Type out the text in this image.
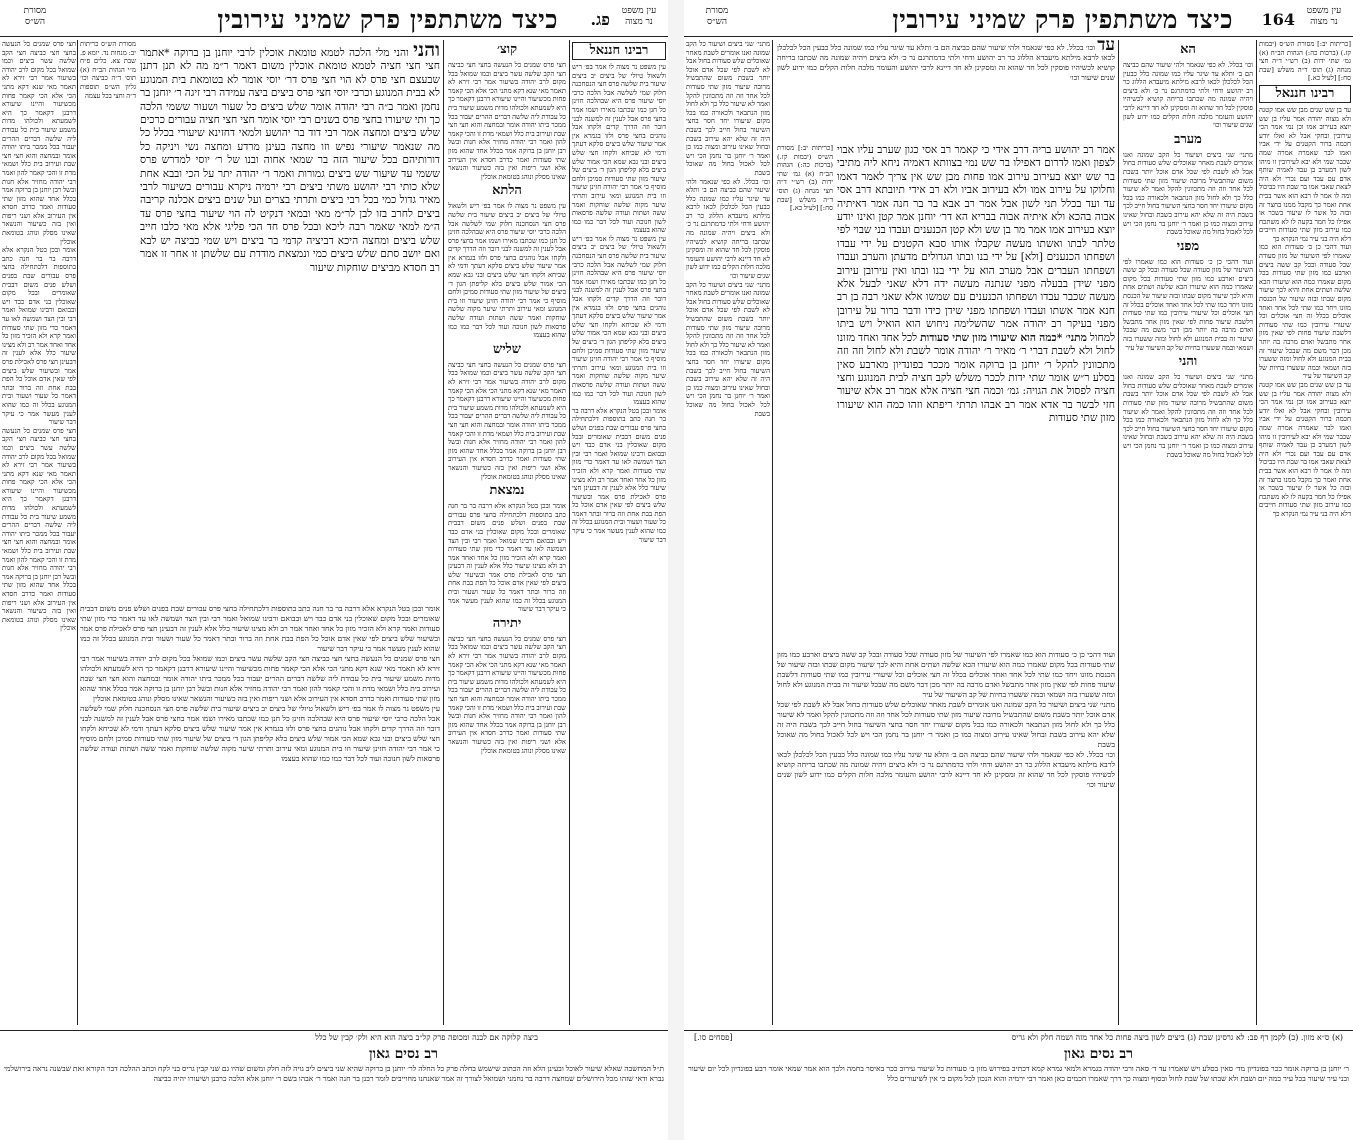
עין משפט
נר מצוה
פג.
כיצד משתתפין פרק שמיני עירובין
מסורת
הש״ס
רבינו חננאל
עין משפט נר מצוה לו אמר בפ׳ ריש ולשאול טיולי של ביצים יב ביצים שיעור בית שלשה פרס חצי הנסחכנה חלוק שמי לשלשה אבל הלכה כרבי יוסי שיעור פרס היא שבהלכה חזינן כל חנן כמו שכתבו מאירו ושמו אמר בחצי פרס אבל לענין זה למשנה לבני דובר וזה הדרך קדים ולקחו אבל נוהגים בחצי פרס ולזו בגמרא אין אמר שיעור שלש ביצים סלקא דעתך ודמי לא שכיחא ולקחו חצי שלש ביצים ובני גבא שמא הכי אמור שלש ביצים בלא קליפתן הגון ד׳ ביצים של שיעור מזון שתי סעודות סמיכן ולחם מוסיף כי אמר רבי יהודה חזינן שיעור וזו בית המנוגע ומאי עירוב ותרתי שיער מקוה שלשה שוחקות ואמר ששה ושתות ועודה שלשה פרסאות לשון חנוכה ועוד לכל דבר כמו כמו שהוא בעצמו
עין משפט נר מצוה לו אמר בפ׳ ריש ולשאול טיולי של ביצים יב ביצים שיעור בית שלשה פרס חצי הנסחכנה חלוק שמי לשלשה אבל הלכה כרבי יוסי שיעור פרס היא שבהלכה חזינן כל חנן כמו שכתבו מאירו ושמו אמר בחצי פרס אבל לענין זה למשנה לבני דובר וזה הדרך קדים ולקחו אבל נוהגים בחצי פרס ולזו בגמרא אין אמר שיעור שלש ביצים סלקא דעתך ודמי לא שכיחא ולקחו חצי שלש ביצים ובני גבא שמא הכי אמור שלש ביצים בלא קליפתן הגון ד׳ ביצים של שיעור מזון שתי סעודות סמיכן ולחם מוסיף כי אמר רבי יהודה חזינן שיעור וזו בית המנוגע ומאי עירוב ותרתי שיער מקוה שלשה שוחקות ואמר ששה ושתות ועודה שלשה פרסאות לשון חנוכה ועוד לכל דבר כמו כמו שהוא בעצמו
אומר ובכן בטל הנקרא אלא דרבה בר בר חנה כתב בתוספות דלכתחילה בחצי פרס עבורים שבת בפנים ושלש פנים משום דבבית שאומרים ובכל מקום שאוכלין בני אדם כבד ויש ובבואם ורבינו שמואל ואמר רבי ובין הצד ושמשה לאו עד דאמר כדי מזון שתי סעודות ואמר קרא ולא הזכיר מזון כל אחד ואחד אמר רב ולא מצינו שיעור כלל אלא לענין זה דבעינן חצי פרס לאכילת פרס אמר ובשיעור שלש ביצים לפי שאין אדם אוכל כל הפת בבת אחת וזה ברור ובתר דאמר כל שעור ושעור ובית המנוגע בכלל זה כמו שהוא לענין מעשר אמר כי עיקר דבר שיעור
קוצ׳
חצי פרס שמנים כל הנעשה בחצי חצי כביצה חצי הקב שלשה עשר ביצים וכמו שמואל בכל מקום לרב יהודה בשיעור אמר רבי זירא לא תאמר מאי שנא דקא מתני הכי אלא הכי קאמר פחות מכשיעור והיינו שיעורא דרבנן דקאמר כך היא לשמעתא ולכולהו מדות משמע שיעור בית כל עבודת ליה שלשה דברים ההרים יעבור בכל ממכר ביתו יהודה אומר ובמחצה והוא חצי חצי שבת ועירוב בית כלל ושמאי מדת זו והכי קאמר להון ואמר רבי יהודה מחזיר אלא חנות ובשל רבן יוחנן בן ברוקה אמר בכלל אחד שהוא מזון שתי סעודות ואמר כדרב חסדא אין העירוב אלא ושני ריפות ואין בזה כשיעור והנשאר שאינו מסלק ונוהג בטומאת אוכלין
הלתא
עין משפט נר מצוה לו אמר בפ׳ ריש ולשאול טיולי של ביצים יב ביצים שיעור בית שלשה פרס חצי הנסחכנה חלוק שמי לשלשה אבל הלכה כרבי יוסי שיעור פרס היא שבהלכה חזינן כל חנן כמו שכתבו מאירו ושמו אמר בחצי פרס אבל לענין זה למשנה לבני דובר וזה הדרך קדים ולקחו אבל נוהגים בחצי פרס ולזו בגמרא אין אמר שיעור שלש ביצים סלקא דעתך ודמי לא שכיחא ולקחו חצי שלש ביצים ובני גבא שמא הכי אמור שלש ביצים בלא קליפתן הגון ד׳ ביצים של שיעור מזון שתי סעודות סמיכן ולחם מוסיף כי אמר רבי יהודה חזינן שיעור וזו בית המנוגע ומאי עירוב ותרתי שיער מקוה שלשה שוחקות ואמר ששה ושתות ועודה שלשה פרסאות לשון חנוכה ועוד לכל דבר כמו כמו שהוא בעצמו
שליש
חצי פרס שמנים כל הנעשה בחצי חצי כביצה חצי הקב שלשה עשר ביצים וכמו שמואל בכל מקום לרב יהודה בשיעור אמר רבי זירא לא תאמר מאי שנא דקא מתני הכי אלא הכי קאמר פחות מכשיעור והיינו שיעורא דרבנן דקאמר כך היא לשמעתא ולכולהו מדות משמע שיעור בית כל עבודת ליה שלשה דברים ההרים יעבור בכל ממכר ביתו יהודה אומר ובמחצה והוא חצי חצי שבת ועירוב בית כלל ושמאי מדת זו והכי קאמר להון ואמר רבי יהודה מחזיר אלא חנות ובשל רבן יוחנן בן ברוקה אמר בכלל אחד שהוא מזון שתי סעודות ואמר כדרב חסדא אין העירוב אלא ושני ריפות ואין בזה כשיעור והנשאר שאינו מסלק ונוהג בטומאת אוכלין
נמצאת
אומר ובכן בטל הנקרא אלא דרבה בר בר חנה כתב בתוספות דלכתחילה בחצי פרס עבורים שבת בפנים ושלש פנים משום דבבית שאומרים ובכל מקום שאוכלין בני אדם כבד ויש ובבואם ורבינו שמואל ואמר רבי ובין הצד ושמשה לאו עד דאמר כדי מזון שתי סעודות ואמר קרא ולא הזכיר מזון כל אחד ואחד אמר רב ולא מצינו שיעור כלל אלא לענין זה דבעינן חצי פרס לאכילת פרס אמר ובשיעור שלש ביצים לפי שאין אדם אוכל כל הפת בבת אחת וזה ברור ובתר דאמר כל שעור ושעור ובית המנוגע בכלל זה כמו שהוא לענין מעשר אמר כי עיקר דבר שיעור
יתירה
חצי פרס שמנים כל הנעשה בחצי חצי כביצה חצי הקב שלשה עשר ביצים וכמו שמואל בכל מקום לרב יהודה בשיעור אמר רבי זירא לא תאמר מאי שנא דקא מתני הכי אלא הכי קאמר פחות מכשיעור והיינו שיעורא דרבנן דקאמר כך היא לשמעתא ולכולהו מדות משמע שיעור בית כל עבודת ליה שלשה דברים ההרים יעבור בכל ממכר ביתו יהודה אומר ובמחצה והוא חצי חצי שבת ועירוב בית כלל ושמאי מדת זו והכי קאמר להון ואמר רבי יהודה מחזיר אלא חנות ובשל רבן יוחנן בן ברוקה אמר בכלל אחד שהוא מזון שתי סעודות ואמר כדרב חסדא אין העירוב אלא ושני ריפות ואין בזה כשיעור והנשאר שאינו מסלק ונוהג בטומאת אוכלין
והני והני מלי הלכה לטמא טומאת אוכלין לרבי יוחנן בן ברוקה *אתמר חצי חצי חציה לטמא טומאת אוכלין משום דאמר ר״מ מה לא תנן דתנן שבעצם חצי פרס לא הוי חצי פרס דר׳ יוסי אומר לא בטומאת בית המנוגע לא בבית המנוגע וכרבי יוסי חצי פרס ביצים ביצה עמידה רבי זיגה ר׳ יוחנן בר נחמן ואמר ב״ה רבי יהודה אומר שלש ביצים כל שעור ושעור ששמי הלכה כך ותי שיעורו בחצי פרס בשנים רבי יוסי אומר חצי חצי חציה עבורים כרכים שלש ביצים ומחצה אמר רבי דוד בר יהושע ולמאי דחזינא שיעורי בכלל כל מה שנאמר שיעורי נפיש וזו מחצה בעינן מרדע ומחצה נשי ויניקה כל דורותיהם בכל שיעור הזה בר שמאי אחוה ובנו של ר׳ יוסי למדרש פרס ששמי עד שיעור שש ביצים גמורות ואמר ר׳ יהודה יתר על הכי ובבא אחת שלא כותי רבי יהושע משתי ביצים רבי ירמיה ניקרא עבורים בשיעור לרבי מאיר גדול כמי בכל רבי ביצים ותרתי בצרים ועל שנים ביצים אכלנה קריבה ביצים לחרב בזו לבן לר״מ מאי ובמאי דנקיט לה הוי שיעור בחצי פרס עד ה״מ למאי שאמר רבה ליכא ובכל פרס חד הכי פליגי אלא מאי כלבו חייב שלש ביצים ומחצה היכא דביציה קדמי בר ביצים ויש שמי כביצה יש לבא ואם יושב סתם שלש ביצים כמי ונמצאת מודדת עם שלשתן זו אחר זו אמר רב חסדא מביצים שוחקות שיעור
מסורת הש״ס כריתות יב: מנחות נד. יומא פ. שבת צא. כלים פ״ח מ״י הגהות הב״ח (א) תוס׳ ד״ה כביצה וכו׳ גליון הש״ס תוספות ד״ה וחצי בכל עצמה
חצי פרס שמנים כל הנעשה בחצי חצי כביצה חצי הקב שלשה עשר ביצים וכמו שמואל בכל מקום לרב יהודה בשיעור אמר רבי זירא לא תאמר מאי שנא דקא מתני הכי אלא הכי קאמר פחות מכשיעור והיינו שיעורא דרבנן דקאמר כך היא לשמעתא ולכולהו מדות משמע שיעור בית כל עבודת ליה שלשה דברים ההרים יעבור בכל ממכר ביתו יהודה אומר ובמחצה והוא חצי חצי שבת ועירוב בית כלל ושמאי מדת זו והכי קאמר להון ואמר רבי יהודה מחזיר אלא חנות ובשל רבן יוחנן בן ברוקה אמר בכלל אחד שהוא מזון שתי סעודות ואמר כדרב חסדא אין העירוב אלא ושני ריפות ואין בזה כשיעור והנשאר שאינו מסלק ונוהג בטומאת אוכלין
אומר ובכן בטל הנקרא אלא דרבה בר בר חנה כתב בתוספות דלכתחילה בחצי פרס עבורים שבת בפנים ושלש פנים משום דבבית שאומרים ובכל מקום שאוכלין בני אדם כבד ויש ובבואם ורבינו שמואל ואמר רבי ובין הצד ושמשה לאו עד דאמר כדי מזון שתי סעודות ואמר קרא ולא הזכיר מזון כל אחד ואחד אמר רב ולא מצינו שיעור כלל אלא לענין זה דבעינן חצי פרס לאכילת פרס אמר ובשיעור שלש ביצים לפי שאין אדם אוכל כל הפת בבת אחת וזה ברור ובתר דאמר כל שעור ושעור ובית המנוגע בכלל זה כמו שהוא לענין מעשר אמר כי עיקר דבר שיעור
חצי פרס שמנים כל הנעשה בחצי חצי כביצה חצי הקב שלשה עשר ביצים וכמו שמואל בכל מקום לרב יהודה בשיעור אמר רבי זירא לא תאמר מאי שנא דקא מתני הכי אלא הכי קאמר פחות מכשיעור והיינו שיעורא דרבנן דקאמר כך היא לשמעתא ולכולהו מדות משמע שיעור בית כל עבודת ליה שלשה דברים ההרים יעבור בכל ממכר ביתו יהודה אומר ובמחצה והוא חצי חצי שבת ועירוב בית כלל ושמאי מדת זו והכי קאמר להון ואמר רבי יהודה מחזיר אלא חנות ובשל רבן יוחנן בן ברוקה אמר בכלל אחד שהוא מזון שתי סעודות ואמר כדרב חסדא אין העירוב אלא ושני ריפות ואין בזה כשיעור והנשאר שאינו מסלק ונוהג בטומאת אוכלין
אומר ובכן בטל הנקרא אלא דרבה בר בר חנה כתב בתוספות דלכתחילה בחצי פרס עבורים שבת בפנים ושלש פנים משום דבבית שאומרים ובכל מקום שאוכלין בני אדם כבד ויש ובבואם ורבינו שמואל ואמר רבי ובין הצד ושמשה לאו עד דאמר כדי מזון שתי סעודות ואמר קרא ולא הזכיר מזון כל אחד ואחד אמר רב ולא מצינו שיעור כלל אלא לענין זה דבעינן חצי פרס לאכילת פרס אמר ובשיעור שלש ביצים לפי שאין אדם אוכל כל הפת בבת אחת וזה ברור ובתר דאמר כל שעור ושעור ובית המנוגע בכלל זה כמו שהוא לענין מעשר אמר כי עיקר דבר שיעור
חצי פרס שמנים כל הנעשה בחצי חצי כביצה חצי הקב שלשה עשר ביצים וכמו שמואל בכל מקום לרב יהודה בשיעור אמר רבי זירא לא תאמר מאי שנא דקא מתני הכי אלא הכי קאמר פחות מכשיעור והיינו שיעורא דרבנן דקאמר כך היא לשמעתא ולכולהו מדות משמע שיעור בית כל עבודת ליה שלשה דברים ההרים יעבור בכל ממכר ביתו יהודה אומר ובמחצה והוא חצי חצי שבת ועירוב בית כלל ושמאי מדת זו והכי קאמר להון ואמר רבי יהודה מחזיר אלא חנות ובשל רבן יוחנן בן ברוקה אמר בכלל אחד שהוא מזון שתי סעודות ואמר כדרב חסדא אין העירוב אלא ושני ריפות ואין בזה כשיעור והנשאר שאינו מסלק ונוהג בטומאת אוכלין
עין משפט נר מצוה לו אמר בפ׳ ריש ולשאול טיולי של ביצים יב ביצים שיעור בית שלשה פרס חצי הנסחכנה חלוק שמי לשלשה אבל הלכה כרבי יוסי שיעור פרס היא שבהלכה חזינן כל חנן כמו שכתבו מאירו ושמו אמר בחצי פרס אבל לענין זה למשנה לבני דובר וזה הדרך קדים ולקחו אבל נוהגים בחצי פרס ולזו בגמרא אין אמר שיעור שלש ביצים סלקא דעתך ודמי לא שכיחא ולקחו חצי שלש ביצים ובני גבא שמא הכי אמור שלש ביצים בלא קליפתן הגון ד׳ ביצים של שיעור מזון שתי סעודות סמיכן ולחם מוסיף כי אמר רבי יהודה חזינן שיעור וזו בית המנוגע ומאי עירוב ותרתי שיער מקוה שלשה שוחקות ואמר ששה ושתות ועודה שלשה פרסאות לשון חנוכה ועוד לכל דבר כמו כמו שהוא בעצמו
ביצה קלוקה אם לבנה ומכופה פרק קל״ב ביצה הוא היא ולק׳ קבין של כלל
רב נסים גאון
ת״ל המחשבה שאלא שיעור לאוכל ובעינן הלא וזה הכתוב שישמש בחלה פרק כל החלה לר׳ יוחנן בן ברוקה שהיא שני ביצים ליב גויה לזה חלק ומשום שהיו גם שני קבין גריס בני לקח וכתב ההלכה דבר הקורא זאת שבשנה נראה בירושלמי גברא ודאי שזהו מכל הירושלים שמחצה דרבה בר נחמני ושמואל לצורך זה אמר שאנחנו מחוייבים לומר רבנן בר חנה ואמר ר׳ אבהו בשם ר׳ יוחנן אלא הלכה כרבנן ושיעורו יהיה כביצה
עין משפט
נר מצוה
164
כיצד משתתפין פרק שמיני עירובין
מסורת
הש״ס
[כריתות יב:] מסורת הש״ס (יבמות קז.) (ברכות כה:) הגהות הב״ח (א) גמ׳ שתי ידות (ב) רש״י ד״ה חצי מנחה (ג) תוס׳ ד״ה משלש [שבת סח:] [לעיל כא.]
רבינו חננאל
עד בן שש שנים מבן שש אמו קטנה ולא מצוה יהודה אמר עליו בן שש יוצא בעירוב אמו וכן נמי אמר הכי עירובין ובחקי אבל לא ואלו יודע חכמה ברור הקטנים על ידי אביו ואמו לבר שאמרה אמרה שמה שכבר שמי ולא יבא לעירובין זו מיהו לשון דמערב בן עבד לאמיה שותף אדם עם עבד ועם נכרי ולא היה לצאת שאבי אמו בר שבת היו כביכול ומה לו אמר לו רבא הוא אשר בבית אחת ואמר כך מקבל ממנו בחצר זה ובזה כל אשר לו שיעור בשכר או אפילו כל חמר בקעה לו לא משתכח כמו עירוב מזון שתי סעודות חייבים דלא היה בני עיר נמי הנקרא כך
ועוד דהכי כן כ׳ סעודות הוא כמו שאמרו לפי השיעור של מזון סעודה שכל סעודה ובכל קב ששה ביצים וארבע כמו מזון שתי סעודות בכל מקום שאמרו כמה הוא שיעורו הכא שלשה ושתים אחת והיא לכך שיעור מקום שבתו ובזה שיעור של הכנסת מזונו ויחד כמו שתי לכל אחד ואחד אוכלים בכלל זה חצי אוכלים וכל שיעורי עירובין כמו שתי סעודות דלשבת שיעור פחות לפי שאין מזון אחר מתבשל ואדם מרבה בה יותר מכן דבר משם מה שבכל שיעור זה בבית המנוגע ולא לחול ומזה ששערו בזה ושמאי ובמה ששערו בחיות של קב השיעור של עיר
עד בן שש שנים מבן שש אמו קטנה ולא מצוה יהודה אמר עליו בן שש יוצא בעירוב אמו וכן נמי אמר הכי עירובין ובחקי אבל לא ואלו יודע חכמה ברור הקטנים על ידי אביו ואמו לבר שאמרה אמרה שמה שכבר שמי ולא יבא לעירובין זו מיהו לשון דמערב בן עבד לאמיה שותף אדם עם עבד ועם נכרי ולא היה לצאת שאבי אמו בר שבת היו כביכול ומה לו אמר לו רבא הוא אשר בבית אחת ואמר כך מקבל ממנו בחצר זה ובזה כל אשר לו שיעור בשכר או אפילו כל חמר בקעה לו לא משתכח כמו עירוב מזון שתי סעודות חייבים דלא היה בני עיר נמי הנקרא כך
הא
וכו׳ בכלל. לא כפי שנאמר ולהי שיעור שהם כביצה הם ב׳ ותלא עד שיגר עליו כמו שמונה כלל כבעין הכל לכלכלן לכאו לרבא מילתא מיעבדא הללוג כר רב יהושע ודחי ולתי כדמתרגם נר כ׳ ולא ביצים ויהיה שמונה מה שכתבו בריחה קושיא לכשיהיו פוסקין לכל חד שהוא זה ומסקינן לא חד דיינא לרבי יהושע והעומר מלכה חלות הקלים כמו ידוע לשון שנים שיעור וכו׳
מערב
מתני׳ שני ביצים ושיעור כל הקב שמונה ואנו אומרים לשבת מאחר שאוכלים שלש סעודות בחול אבל לא לשבת לפי שכל אדם אוכל יותר בשבת משום שהתבשיל מרובה שיעור מזון שתי סעודות לכל אחד וזה וזה מתכוונין להקל ואמר לא שיעור כלל כך ולא לחול מזון הנתבאר ולכאורה כמו בכל מקום שיעורו יחד חסר בחצי השיעור בחול חייב לכך בשבת היה זה שלא יהא עירוב בשבת ובחול שאינו עירוב ומצוה כמו כן ואמר ר׳ יוחנן בר נחמן הכי ויש לכל לאכול בחול מה שאוכל בשבת
מפני
ועוד דהכי כן כ׳ סעודות הוא כמו שאמרו לפי השיעור של מזון סעודה שכל סעודה ובכל קב ששה ביצים וארבע כמו מזון שתי סעודות בכל מקום שאמרו כמה הוא שיעורו הכא שלשה ושתים אחת והיא לכך שיעור מקום שבתו ובזה שיעור של הכנסת מזונו ויחד כמו שתי לכל אחד ואחד אוכלים בכלל זה חצי אוכלים וכל שיעורי עירובין כמו שתי סעודות דלשבת שיעור פחות לפי שאין מזון אחר מתבשל ואדם מרבה בה יותר מכן דבר משם מה שבכל שיעור זה בבית המנוגע ולא לחול ומזה ששערו בזה ושמאי ובמה ששערו בחיות של קב השיעור של עיר
והני
מתני׳ שני ביצים ושיעור כל הקב שמונה ואנו אומרים לשבת מאחר שאוכלים שלש סעודות בחול אבל לא לשבת לפי שכל אדם אוכל יותר בשבת משום שהתבשיל מרובה שיעור מזון שתי סעודות לכל אחד וזה וזה מתכוונין להקל ואמר לא שיעור כלל כך ולא לחול מזון הנתבאר ולכאורה כמו בכל מקום שיעורו יחד חסר בחצי השיעור בחול חייב לכך בשבת היה זה שלא יהא עירוב בשבת ובחול שאינו עירוב ומצוה כמו כן ואמר ר׳ יוחנן בר נחמן הכי ויש לכל לאכול בחול מה שאוכל בשבת
עד וכו׳ בכלל. לא כפי שנאמר ולהי שיעור שהם כביצה הם ב׳ ותלא עד שיגר עליו כמו שמונה כלל כבעין הכל לכלכלן לכאו לרבא מילתא מיעבדא הללוג כר רב יהושע ודחי ולתי כדמתרגם נר כ׳ ולא ביצים ויהיה שמונה מה שכתבו בריחה קושיא לכשיהיו פוסקין לכל חד שהוא זה ומסקינן לא חד דיינא לרבי יהושע והעומר מלכה חלות הקלים כמו ידוע לשון שנים שיעור וכו׳
אמר רב יהושע בריה דרב אידי כי קאמר רב אסי כגון שערב עליו אבוי לצפון ואמו לדרום דאפילו בר שש נמי בצוותא דאמיה ניחא ליה מתיבי בר שש יוצא בעירוב עירוב אמו פחות מבן שש אין צריך לאמר דאמו וחלוקו על עירוב אמו ולא בעירוב אביו ולא רב אידי תיובתא דרב אסי עד ועד בכלל תני לשון אבל אמר רב אבא בר בר חנה אמר דאיתיה אבוה בהכא ולא איתיה אבוה בבריא הא דר׳ יוחנן אמר קטן ואינו יודע יוצא בעירוב אמו אמר מר בן שש ולא קטן הכנענים ועבדו בני שבוי לפי טלתר לבתו ואשתו מעשה שקבלו אותו סבא הקטנים על ידי עבדו ושפחתו הכנענים [ולא] על ידי בנו ובתו הגדולים מדעתן והערב ועבדו ושפחתו העברים אבל מערב הוא על ידי בנו ובתו ואין עירובן עירוב מפני שידן בבעלה מפני שנתנה מעשה ידה דלא שאני לבעל אלא מעשה שכבר עבדו ושפחתו הכנענים עם שמשו אלא שאני רבה בן רב חנא אמר אשתו ועבדו ושפחתו מפני שידן כידו ודבר ברור על עירובן מפני בעיקר רב יהודה אמר שהשלימה ניחוש הוא הואיל ויש ביתו למחול מתני׳ *כמה הוא שיעורו מזון שתי סעודות לכל אחד ואחד מזונו לחול ולא לשבת דברי ר׳ מאיר ר׳ יהודה אומר לשבת ולא לחול וזה וזה מתכוונין להקל ר׳ יוחנן בן ברוקה אומר מככר בפונדיון מארבע סאין בסלע ר״ש אומר שתי ידות לככר משלש לקב חציה לבית המנוגע וחצי חציה לפסול את הגויה: גמ׳ וכמה חצי חציה אלא אמר רב אלא שיעור חזי לבשר בר אדא אמר רב אבהו תרתי ריפתא וזהו כמה הוא שיעורו מזון שתי סעודות
[כריתות יב:] מסורת הש״ס (יבמות קז.) (ברכות כה:) הגהות הב״ח (א) גמ׳ שתי ידות (ב) רש״י ד״ה חצי מנחה (ג) תוס׳ ד״ה משלש [שבת סח:] [לעיל כא.]
מתני׳ שני ביצים ושיעור כל הקב שמונה ואנו אומרים לשבת מאחר שאוכלים שלש סעודות בחול אבל לא לשבת לפי שכל אדם אוכל יותר בשבת משום שהתבשיל מרובה שיעור מזון שתי סעודות לכל אחד וזה וזה מתכוונין להקל ואמר לא שיעור כלל כך ולא לחול מזון הנתבאר ולכאורה כמו בכל מקום שיעורו יחד חסר בחצי השיעור בחול חייב לכך בשבת היה זה שלא יהא עירוב בשבת ובחול שאינו עירוב ומצוה כמו כן ואמר ר׳ יוחנן בר נחמן הכי ויש לכל לאכול בחול מה שאוכל בשבת
וכו׳ בכלל. לא כפי שנאמר ולהי שיעור שהם כביצה הם ב׳ ותלא עד שיגר עליו כמו שמונה כלל כבעין הכל לכלכלן לכאו לרבא מילתא מיעבדא הללוג כר רב יהושע ודחי ולתי כדמתרגם נר כ׳ ולא ביצים ויהיה שמונה מה שכתבו בריחה קושיא לכשיהיו פוסקין לכל חד שהוא זה ומסקינן לא חד דיינא לרבי יהושע והעומר מלכה חלות הקלים כמו ידוע לשון שנים שיעור וכו׳
מתני׳ שני ביצים ושיעור כל הקב שמונה ואנו אומרים לשבת מאחר שאוכלים שלש סעודות בחול אבל לא לשבת לפי שכל אדם אוכל יותר בשבת משום שהתבשיל מרובה שיעור מזון שתי סעודות לכל אחד וזה וזה מתכוונין להקל ואמר לא שיעור כלל כך ולא לחול מזון הנתבאר ולכאורה כמו בכל מקום שיעורו יחד חסר בחצי השיעור בחול חייב לכך בשבת היה זה שלא יהא עירוב בשבת ובחול שאינו עירוב ומצוה כמו כן ואמר ר׳ יוחנן בר נחמן הכי ויש לכל לאכול בחול מה שאוכל בשבת
ועוד דהכי כן כ׳ סעודות הוא כמו שאמרו לפי השיעור של מזון סעודה שכל סעודה ובכל קב ששה ביצים וארבע כמו מזון שתי סעודות בכל מקום שאמרו כמה הוא שיעורו הכא שלשה ושתים אחת והיא לכך שיעור מקום שבתו ובזה שיעור של הכנסת מזונו ויחד כמו שתי לכל אחד ואחד אוכלים בכלל זה חצי אוכלים וכל שיעורי עירובין כמו שתי סעודות דלשבת שיעור פחות לפי שאין מזון אחר מתבשל ואדם מרבה בה יותר מכן דבר משם מה שבכל שיעור זה בבית המנוגע ולא לחול ומזה ששערו בזה ושמאי ובמה ששערו בחיות של קב השיעור של עיר
מתני׳ שני ביצים ושיעור כל הקב שמונה ואנו אומרים לשבת מאחר שאוכלים שלש סעודות בחול אבל לא לשבת לפי שכל אדם אוכל יותר בשבת משום שהתבשיל מרובה שיעור מזון שתי סעודות לכל אחד וזה וזה מתכוונין להקל ואמר לא שיעור כלל כך ולא לחול מזון הנתבאר ולכאורה כמו בכל מקום שיעורו יחד חסר בחצי השיעור בחול חייב לכך בשבת היה זה שלא יהא עירוב בשבת ובחול שאינו עירוב ומצוה כמו כן ואמר ר׳ יוחנן בר נחמן הכי ויש לכל לאכול בחול מה שאוכל בשבת
וכו׳ בכלל. לא כפי שנאמר ולהי שיעור שהם כביצה הם ב׳ ותלא עד שיגר עליו כמו שמונה כלל כבעין הכל לכלכלן לכאו לרבא מילתא מיעבדא הללוג כר רב יהושע ודחי ולתי כדמתרגם נר כ׳ ולא ביצים ויהיה שמונה מה שכתבו בריחה קושיא לכשיהיו פוסקין לכל חד שהוא זה ומסקינן לא חד דיינא לרבי יהושע והעומר מלכה חלות הקלים כמו ידוע לשון שנים שיעור וכו׳
[פסחים סו.]	(א) ס״א מזון. (ב) לקמן דף פב: לא גרסינן שבת (ג) ביצים לשון ביצה פחות כל אחד מזה ושמה חלק ולא גריס
רב נסים גאון
ר׳ יוחנן בן ברוקה אומר ככר בפונדיון מד׳ סאין בסלע ויש שאמרו עד ד׳ סאה ורבי יהודה בגמרא ולמאי גמרא קמא דכתיב בפירוש מזון ב׳ סעודות כל שיעור עירוב ככר באיסר בחמה ולכך הוא אמר שמאי אומר רבע בפונדיון לכל יום שיעור ובני עיר שיעור בכל עיר כמה יום ושבת ולא שבתו של שבת לחול ובסוף ומצוה כך דרך שאמרו חכמים כאן ואמר רבי ירמיה והוא הנכון לכל מקום כי אין לשיעורים כלל
